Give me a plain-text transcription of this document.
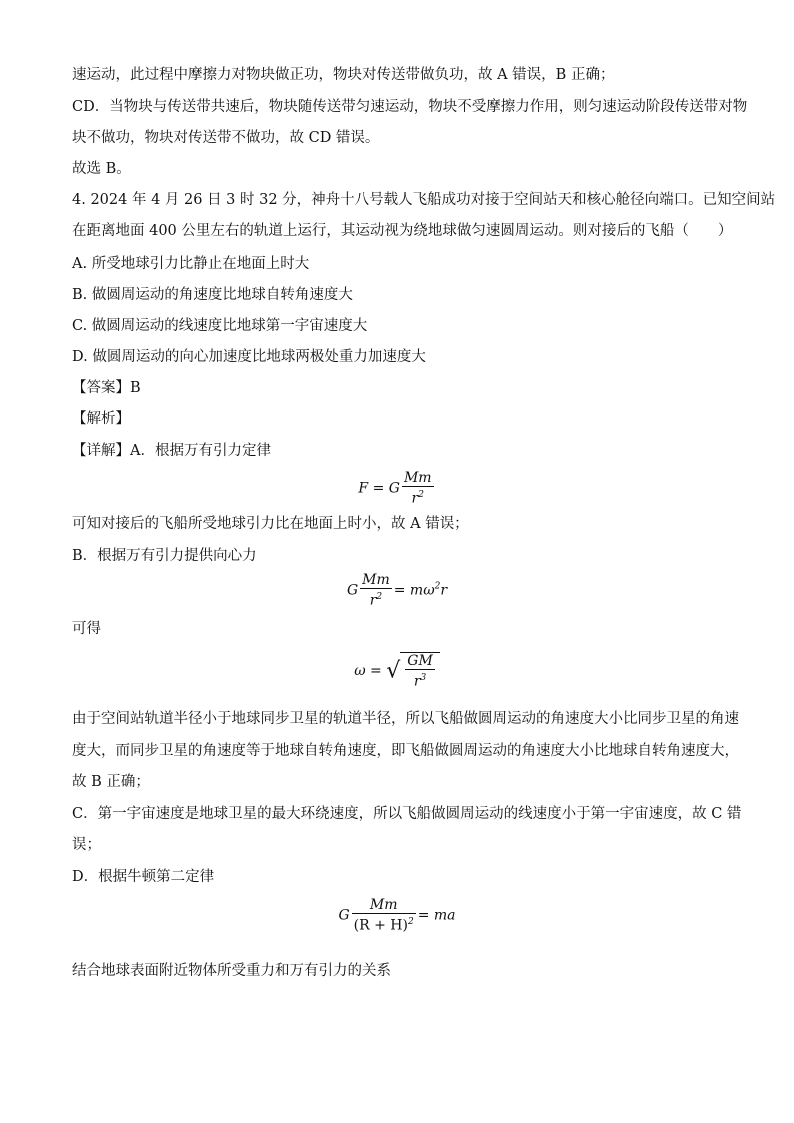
速运动，此过程中摩擦力对物块做正功，物块对传送带做负功，故 A 错误，B 正确；
CD．当物块与传送带共速后，物块随传送带匀速运动，物块不受摩擦力作用，则匀速运动阶段传送带对物
块不做功，物块对传送带不做功，故 CD 错误。
故选 B。
4. 2024 年 4 月 26 日 3 时 32 分，神舟十八号载人飞船成功对接于空间站天和核心舱径向端口。已知空间站
在距离地面 400 公里左右的轨道上运行，其运动视为绕地球做匀速圆周运动。则对接后的飞船（　　）
A. 所受地球引力比静止在地面上时大
B. 做圆周运动的角速度比地球自转角速度大
C. 做圆周运动的线速度比地球第一宇宙速度大
D. 做圆周运动的向心加速度比地球两极处重力加速度大
【答案】B
【解析】
【详解】A．根据万有引力定律
F = G $\frac{Mm}{r^2}$
可知对接后的飞船所受地球引力比在地面上时小，故 A 错误；
B．根据万有引力提供向心力
G $\frac{Mm}{r^2} = m\omega^2r$
可得
ω = √ $\frac{GM}{r^3}$
由于空间站轨道半径小于地球同步卫星的轨道半径，所以飞船做圆周运动的角速度大小比同步卫星的角速
度大，而同步卫星的角速度等于地球自转角速度，即飞船做圆周运动的角速度大小比地球自转角速度大，
故 B 正确；
C．第一宇宙速度是地球卫星的最大环绕速度，所以飞船做圆周运动的线速度小于第一宇宙速度，故 C 错
误；
D．根据牛顿第二定律
G $\frac{Mm}{(R + H)^2}$ = ma
结合地球表面附近物体所受重力和万有引力的关系
